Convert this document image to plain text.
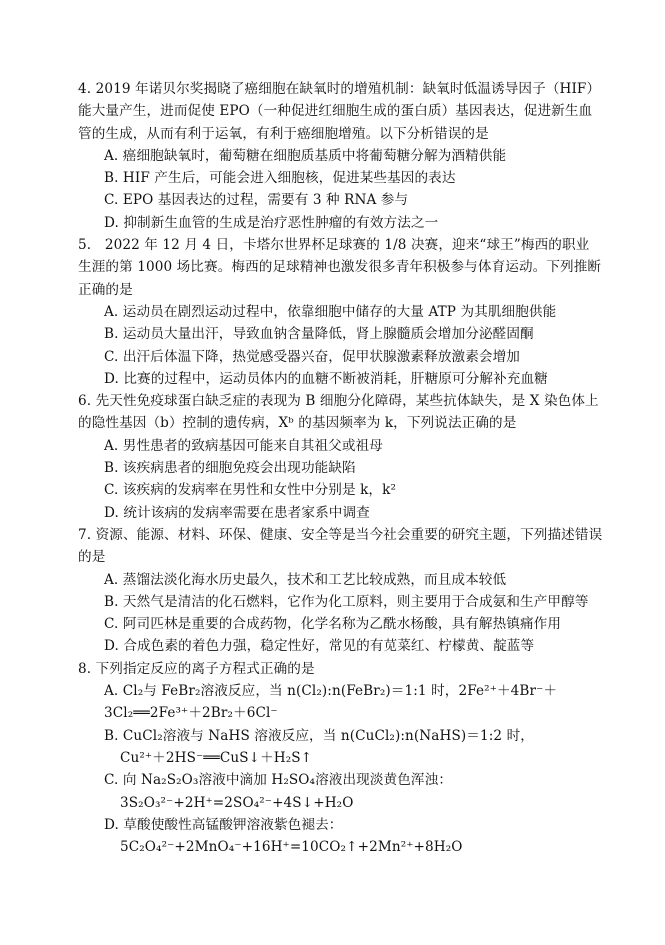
4. 2019 年诺贝尔奖揭晓了癌细胞在缺氧时的增殖机制：缺氧时低温诱导因子（HIF）能大量产生，进而促使 EPO（一种促进红细胞生成的蛋白质）基因表达，促进新生血管的生成，从而有利于运氧，有利于癌细胞增殖。以下分析错误的是

A. 癌细胞缺氧时，葡萄糖在细胞质基质中将葡萄糖分解为酒精供能

B. HIF 产生后，可能会进入细胞核，促进某些基因的表达

C. EPO 基因表达的过程，需要有 3 种 RNA 参与

D. 抑制新生血管的生成是治疗恶性肿瘤的有效方法之一

5.　2022 年 12 月 4 日，卡塔尔世界杯足球赛的 1/8 决赛，迎来“球王”梅西的职业生涯的第 1000 场比赛。梅西的足球精神也激发很多青年积极参与体育运动。下列推断正确的是

A. 运动员在剧烈运动过程中，依靠细胞中储存的大量 ATP 为其肌细胞供能

B. 运动员大量出汗，导致血钠含量降低，肾上腺髓质会增加分泌醛固酮

C. 出汗后体温下降，热觉感受器兴奋，促甲状腺激素释放激素会增加

D. 比赛的过程中，运动员体内的血糖不断被消耗，肝糖原可分解补充血糖

6. 先天性免疫球蛋白缺乏症的表现为 B 细胞分化障碍，某些抗体缺失，是 X 染色体上的隐性基因（b）控制的遗传病，Xᵇ 的基因频率为 k，下列说法正确的是

A. 男性患者的致病基因可能来自其祖父或祖母

B. 该疾病患者的细胞免疫会出现功能缺陷

C. 该疾病的发病率在男性和女性中分别是 k，k²

D. 统计该病的发病率需要在患者家系中调查

7. 资源、能源、材料、环保、健康、安全等是当今社会重要的研究主题，下列描述错误的是

A. 蒸馏法淡化海水历史最久，技术和工艺比较成熟，而且成本较低

B. 天然气是清洁的化石燃料，它作为化工原料，则主要用于合成氨和生产甲醇等

C. 阿司匹林是重要的合成药物，化学名称为乙酰水杨酸，具有解热镇痛作用

D. 合成色素的着色力强，稳定性好，常见的有苋菜红、柠檬黄、靛蓝等

8. 下列指定反应的离子方程式正确的是

A. Cl₂与 FeBr₂溶液反应，当 n(Cl₂):n(FeBr₂)＝1:1 时，2Fe²⁺＋4Br⁻＋3Cl₂══2Fe³⁺＋2Br₂＋6Cl⁻

B. CuCl₂溶液与 NaHS 溶液反应，当 n(CuCl₂):n(NaHS)＝1:2 时，

Cu²⁺＋2HS⁻══CuS↓＋H₂S↑

C. 向 Na₂S₂O₃溶液中滴加 H₂SO₄溶液出现淡黄色浑浊：

3S₂O₃²⁻+2H⁺=2SO₄²⁻+4S↓+H₂O

D. 草酸使酸性高锰酸钾溶液紫色褪去：

5C₂O₄²⁻+2MnO₄⁻+16H⁺=10CO₂↑+2Mn²⁺+8H₂O
